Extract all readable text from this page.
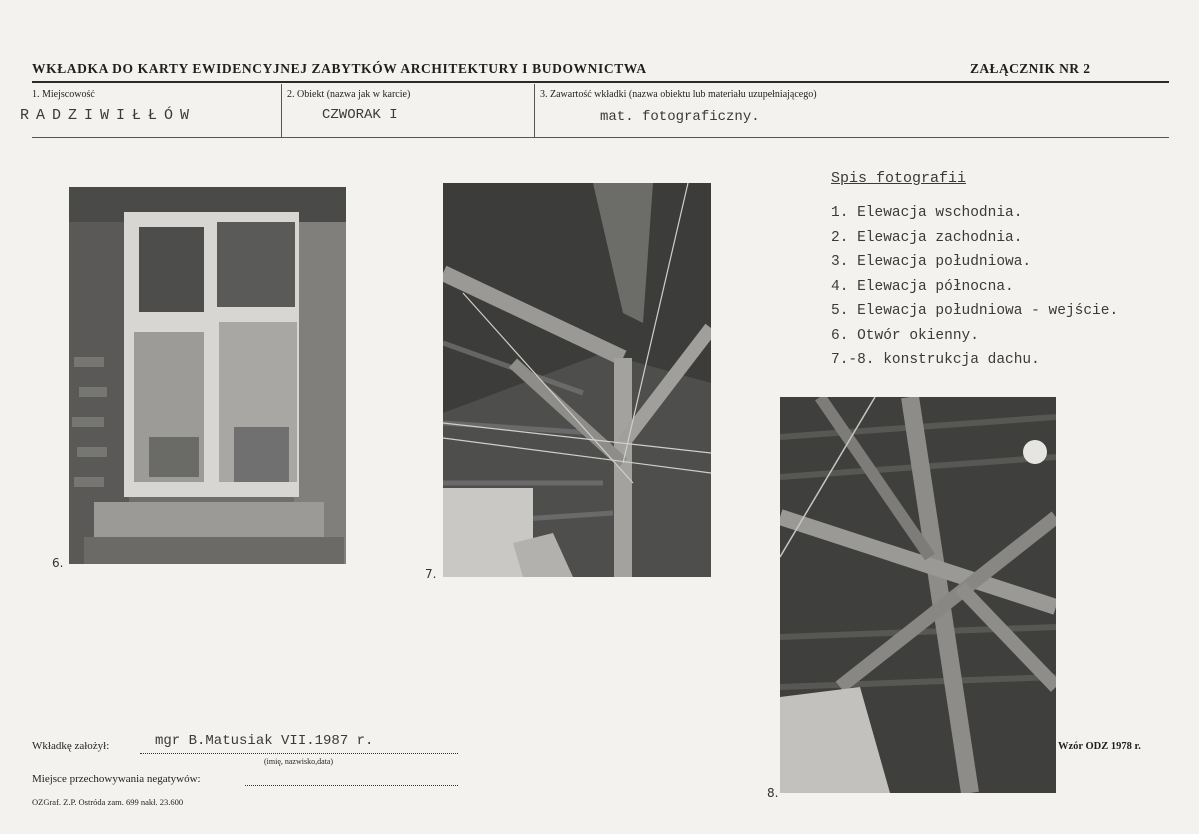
WKŁADKA DO KARTY EWIDENCYJNEJ ZABYTKÓW ARCHITEKTURY I BUDOWNICTWA	ZAŁĄCZNIK NR 2
1. Miejscowość	2. Obiekt (nazwa jak w karcie)	3. Zawartość wkładki (nazwa obiektu lub materiału uzupełniającego)
RADZIWIŁŁÓW	CZWORAK I	mat. fotograficzny.
6.
7.
8.
Spis fotografii
1. Elewacja wschodnia.
2. Elewacja zachodnia.
3. Elewacja południowa.
4. Elewacja północna.
5. Elewacja południowa - wejście.
6. Otwór okienny.
7.-8. konstrukcja dachu.
Wkładkę założył:	mgr B.Matusiak VII.1987 r.
(imię, nazwisko,data)
Miejsce przechowywania negatywów:
OZGraf. Z.P. Ostróda zam. 699 nakł. 23.600
Wzór ODZ 1978 r.
